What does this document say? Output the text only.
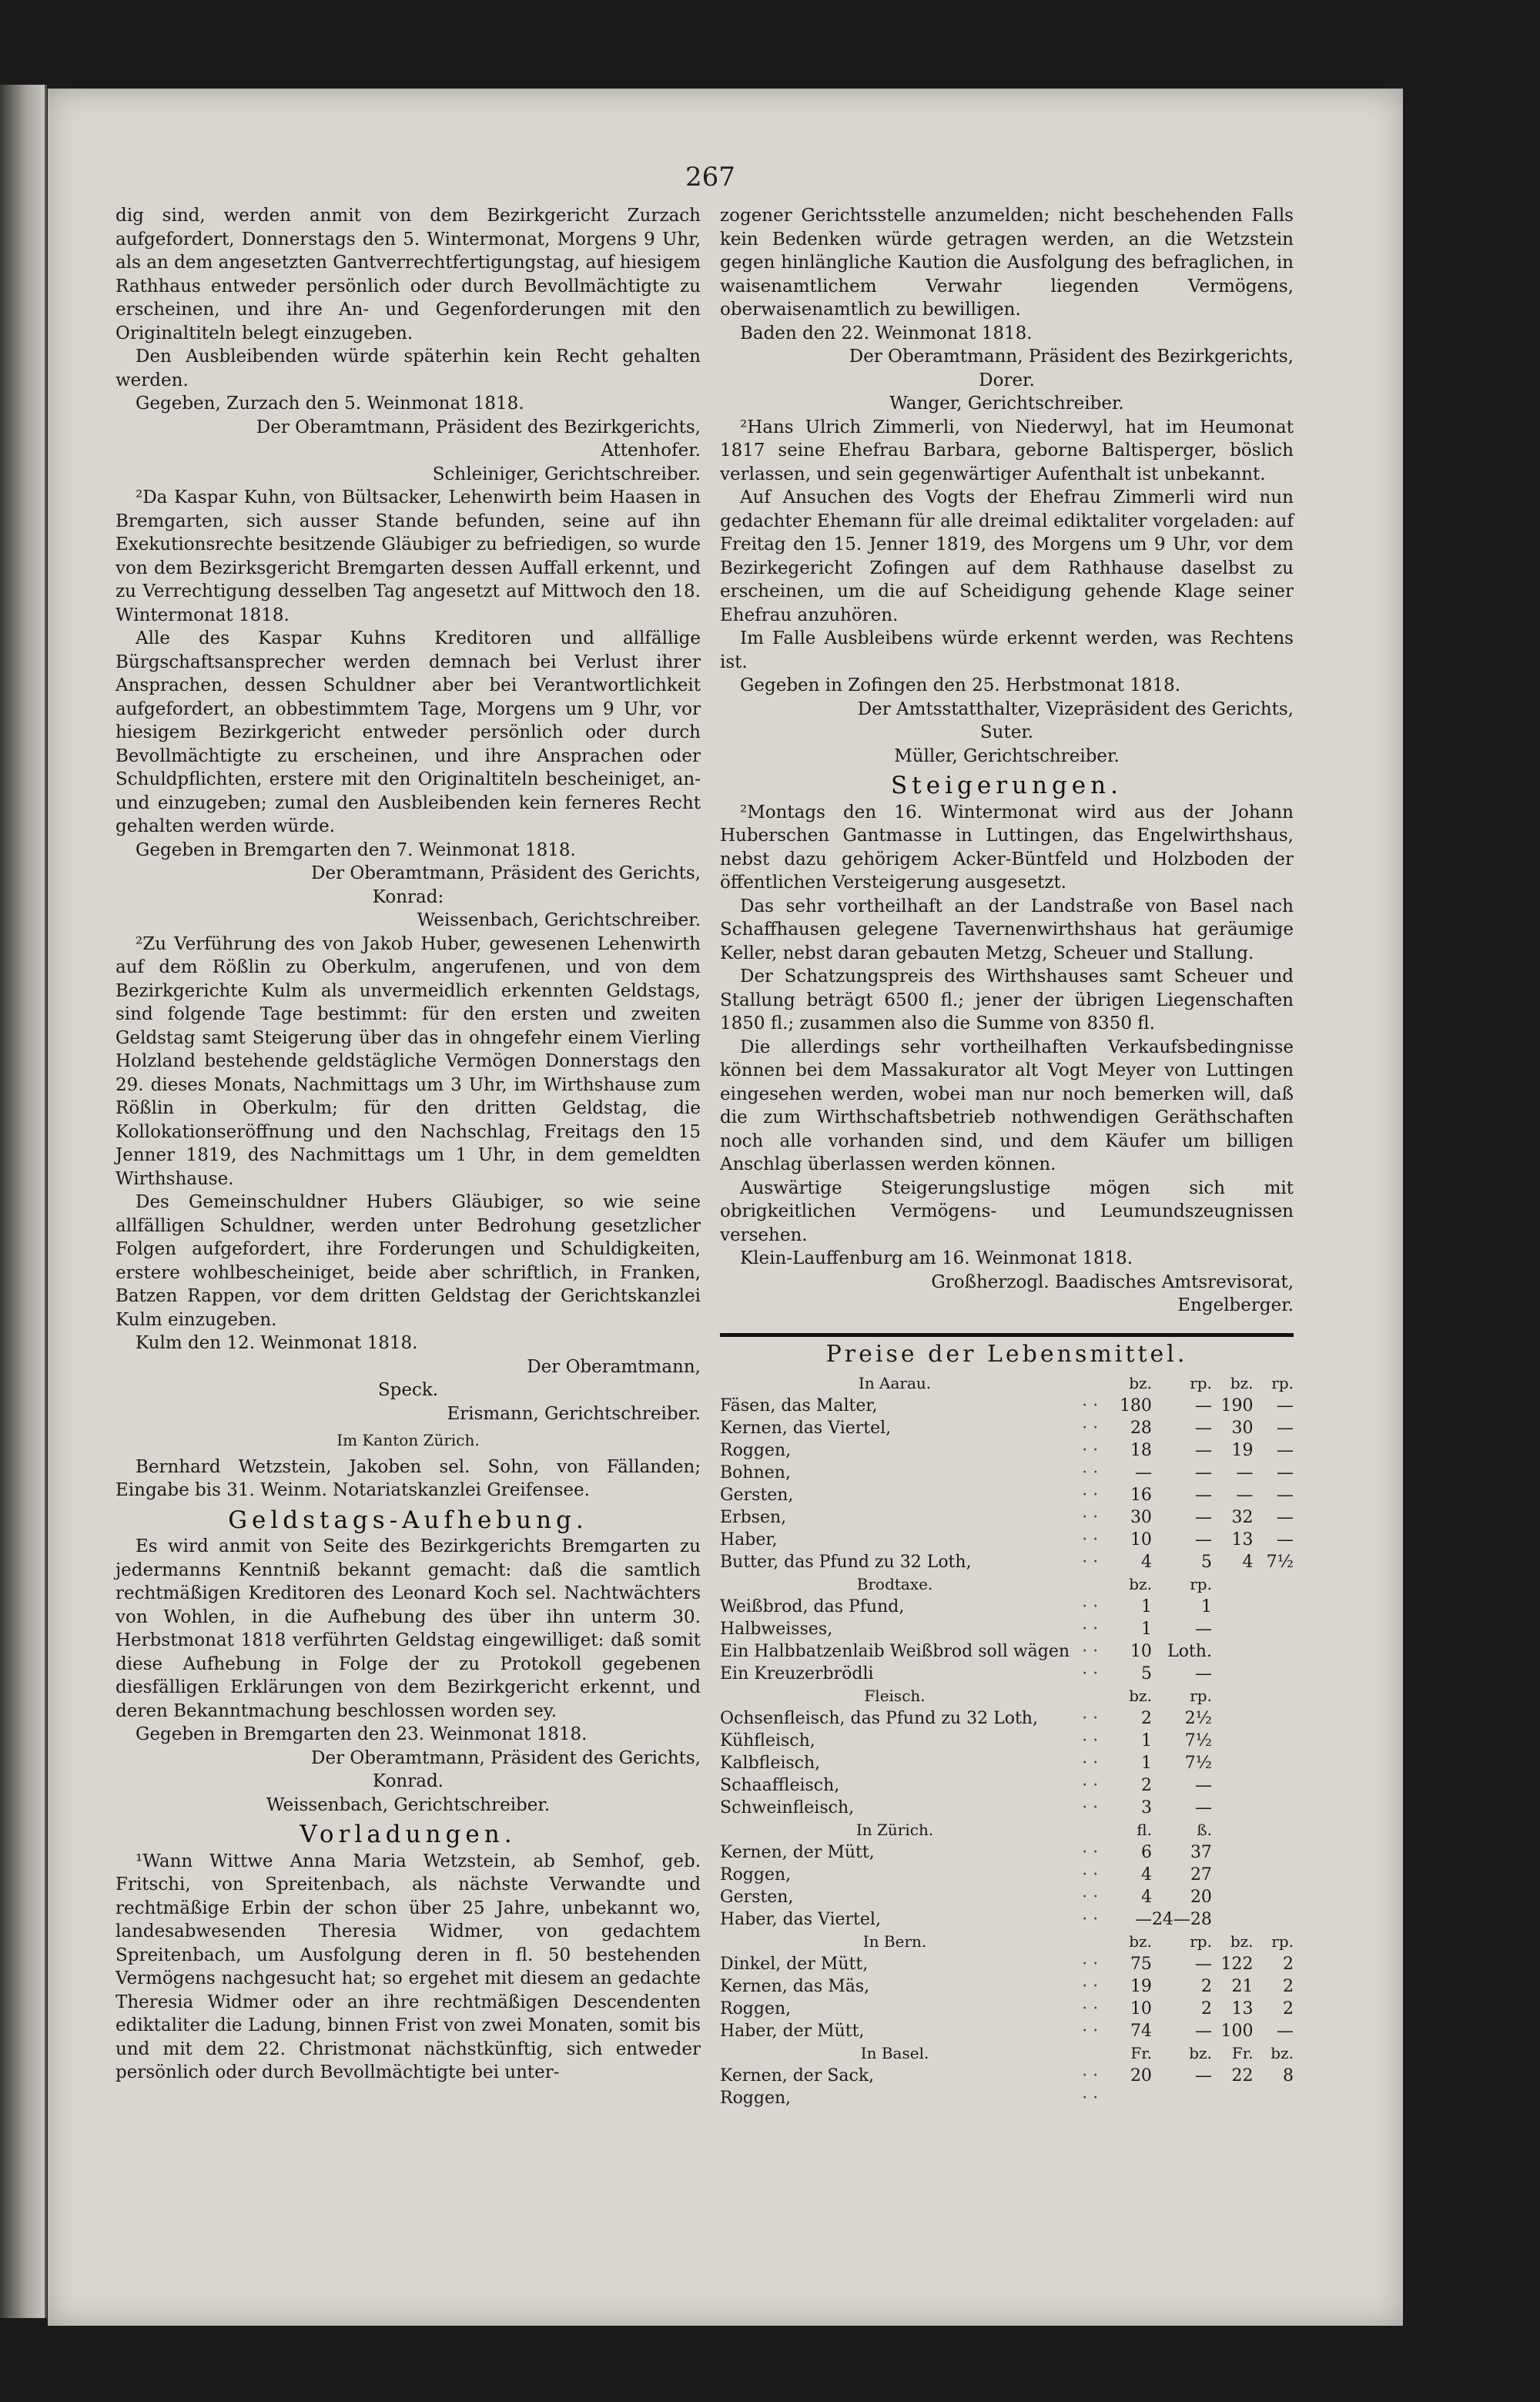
267

dig sind, werden anmit von dem Bezirkgericht Zurzach aufgefordert, Donnerstags den 5. Wintermonat, Morgens 9 Uhr, als an dem angesetzten Gantverrechtfertigungstag, auf hiesigem Rathhaus entweder persönlich oder durch Bevollmächtigte zu erscheinen, und ihre An- und Gegenforderungen mit den Originaltiteln belegt einzugeben.

Den Ausbleibenden würde späterhin kein Recht gehalten werden.

Gegeben, Zurzach den 5. Weinmonat 1818.

Der Oberamtmann, Präsident des Bezirkgerichts,

Attenhofer.

Schleiniger, Gerichtschreiber.

²Da Kaspar Kuhn, von Bültsacker, Lehenwirth beim Haasen in Bremgarten, sich ausser Stande befunden, seine auf ihn Exekutionsrechte besitzende Gläubiger zu befriedigen, so wurde von dem Bezirksgericht Bremgarten dessen Auffall erkennt, und zu Verrechtigung desselben Tag angesetzt auf Mittwoch den 18. Wintermonat 1818.

Alle des Kaspar Kuhns Kreditoren und allfällige Bürgschaftsansprecher werden demnach bei Verlust ihrer Ansprachen, dessen Schuldner aber bei Verantwortlichkeit aufgefordert, an obbestimmtem Tage, Morgens um 9 Uhr, vor hiesigem Bezirkgericht entweder persönlich oder durch Bevollmächtigte zu erscheinen, und ihre Ansprachen oder Schuldpflichten, erstere mit den Originaltiteln bescheiniget, an- und einzugeben; zumal den Ausbleibenden kein ferneres Recht gehalten werden würde.

Gegeben in Bremgarten den 7. Weinmonat 1818.

Der Oberamtmann, Präsident des Gerichts,

Konrad:

Weissenbach, Gerichtschreiber.

²Zu Verführung des von Jakob Huber, gewesenen Lehenwirth auf dem Rößlin zu Oberkulm, angerufenen, und von dem Bezirkgerichte Kulm als unvermeidlich erkennten Geldstags, sind folgende Tage bestimmt: für den ersten und zweiten Geldstag samt Steigerung über das in ohngefehr einem Vierling Holzland bestehende geldstägliche Vermögen Donnerstags den 29. dieses Monats, Nachmittags um 3 Uhr, im Wirthshause zum Rößlin in Oberkulm; für den dritten Geldstag, die Kollokationseröffnung und den Nachschlag, Freitags den 15 Jenner 1819, des Nachmittags um 1 Uhr, in dem gemeldten Wirthshause.

Des Gemeinschuldner Hubers Gläubiger, so wie seine allfälligen Schuldner, werden unter Bedrohung gesetzlicher Folgen aufgefordert, ihre Forderungen und Schuldigkeiten, erstere wohlbescheiniget, beide aber schriftlich, in Franken, Batzen Rappen, vor dem dritten Geldstag der Gerichtskanzlei Kulm einzugeben.

Kulm den 12. Weinmonat 1818.

Der Oberamtmann,

Speck.

Erismann, Gerichtschreiber.

Im Kanton Zürich.

Bernhard Wetzstein, Jakoben sel. Sohn, von Fällanden; Eingabe bis 31. Weinm. Notariatskanzlei Greifensee.

Geldstags-Aufhebung.

Es wird anmit von Seite des Bezirkgerichts Bremgarten zu jedermanns Kenntniß bekannt gemacht: daß die samtlich rechtmäßigen Kreditoren des Leonard Koch sel. Nachtwächters von Wohlen, in die Aufhebung des über ihn unterm 30. Herbstmonat 1818 verführten Geldstag eingewilliget: daß somit diese Aufhebung in Folge der zu Protokoll gegebenen diesfälligen Erklärungen von dem Bezirkgericht erkennt, und deren Bekanntmachung beschlossen worden sey.

Gegeben in Bremgarten den 23. Weinmonat 1818.

Der Oberamtmann, Präsident des Gerichts,

Konrad.

Weissenbach, Gerichtschreiber.

Vorladungen.

¹Wann Wittwe Anna Maria Wetzstein, ab Semhof, geb. Fritschi, von Spreitenbach, als nächste Verwandte und rechtmäßige Erbin der schon über 25 Jahre, unbekannt wo, landesabwesenden Theresia Widmer, von gedachtem Spreitenbach, um Ausfolgung deren in fl. 50 bestehenden Vermögens nachgesucht hat; so ergehet mit diesem an gedachte Theresia Widmer oder an ihre rechtmäßigen Descendenten ediktaliter die Ladung, binnen Frist von zwei Monaten, somit bis und mit dem 22. Christmonat nächstkünftig, sich entweder persönlich oder durch Bevollmächtigte bei unter-

zogener Gerichtsstelle anzumelden; nicht beschehenden Falls kein Bedenken würde getragen werden, an die Wetzstein gegen hinlängliche Kaution die Ausfolgung des befraglichen, in waisenamtlichem Verwahr liegenden Vermögens, oberwaisenamtlich zu bewilligen.

Baden den 22. Weinmonat 1818.

Der Oberamtmann, Präsident des Bezirkgerichts,

Dorer.

Wanger, Gerichtschreiber.

²Hans Ulrich Zimmerli, von Niederwyl, hat im Heumonat 1817 seine Ehefrau Barbara, geborne Baltisperger, böslich verlassen, und sein gegenwärtiger Aufenthalt ist unbekannt.

Auf Ansuchen des Vogts der Ehefrau Zimmerli wird nun gedachter Ehemann für alle dreimal ediktaliter vorgeladen: auf Freitag den 15. Jenner 1819, des Morgens um 9 Uhr, vor dem Bezirkegericht Zofingen auf dem Rathhause daselbst zu erscheinen, um die auf Scheidigung gehende Klage seiner Ehefrau anzuhören.

Im Falle Ausbleibens würde erkennt werden, was Rechtens ist.

Gegeben in Zofingen den 25. Herbstmonat 1818.

Der Amtsstatthalter, Vizepräsident des Gerichts,

Suter.

Müller, Gerichtschreiber.

Steigerungen.

²Montags den 16. Wintermonat wird aus der Johann Huberschen Gantmasse in Luttingen, das Engelwirthshaus, nebst dazu gehörigem Acker-Büntfeld und Holzboden der öffentlichen Versteigerung ausgesetzt.

Das sehr vortheilhaft an der Landstraße von Basel nach Schaffhausen gelegene Tavernenwirthshaus hat geräumige Keller, nebst daran gebauten Metzg, Scheuer und Stallung.

Der Schatzungspreis des Wirthshauses samt Scheuer und Stallung beträgt 6500 fl.; jener der übrigen Liegenschaften 1850 fl.; zusammen also die Summe von 8350 fl.

Die allerdings sehr vortheilhaften Verkaufsbedingnisse können bei dem Massakurator alt Vogt Meyer von Luttingen eingesehen werden, wobei man nur noch bemerken will, daß die zum Wirthschaftsbetrieb nothwendigen Geräthschaften noch alle vorhanden sind, und dem Käufer um billigen Anschlag überlassen werden können.

Auswärtige Steigerungslustige mögen sich mit obrigkeitlichen Vermögens- und Leumundszeugnissen versehen.

Klein-Lauffenburg am 16. Weinmonat 1818.

Großherzogl. Baadisches Amtsrevisorat,

Engelberger.

Preise der Lebensmittel.
In Aarau.		bz.	rp.	bz.	rp.
Fäsen, das Malter,	· ·	180	—	190	—
Kernen, das Viertel,	· ·	28	—	30	—
Roggen,	· ·	18	—	19	—
Bohnen,	· ·	—	—	—	—
Gersten,	· ·	16	—	—	—
Erbsen,	· ·	30	—	32	—
Haber,	· ·	10	—	13	—
Butter, das Pfund zu 32 Loth,	· ·	4	5	4	7½
Brodtaxe.		bz.	rp.		
Weißbrod, das Pfund,	· ·	1	1		
Halbweisses,	· ·	1	—		
Ein Halbbatzenlaib Weißbrod soll wägen	· ·	10	Loth.		
Ein Kreuzerbrödli	· ·	5	—		
Fleisch.		bz.	rp.		
Ochsenfleisch, das Pfund zu 32 Loth,	· ·	2	2½		
Kühfleisch,	· ·	1	7½		
Kalbfleisch,	· ·	1	7½		
Schaaffleisch,	· ·	2	—		
Schweinfleisch,	· ·	3	—		
In Zürich.		fl.	ß.		
Kernen, der Mütt,	· ·	6	37		
Roggen,	· ·	4	27		
Gersten,	· ·	4	20		
Haber, das Viertel,	· ·	—	24—28		
In Bern.		bz.	rp.	bz.	rp.
Dinkel, der Mütt,	· ·	75	—	122	2
Kernen, das Mäs,	· ·	19	2	21	2
Roggen,	· ·	10	2	13	2
Haber, der Mütt,	· ·	74	—	100	—
In Basel.		Fr.	bz.	Fr.	bz.
Kernen, der Sack,	· ·	20	—	22	8
Roggen,	· ·				
